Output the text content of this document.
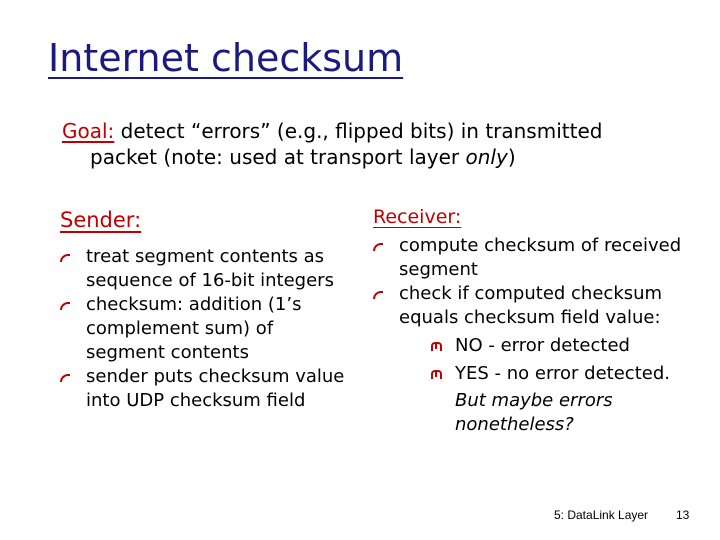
Internet checksum
Goal: detect “errors” (e.g., flipped bits) in transmitted
packet (note: used at transport layer only)
Sender:
treat segment contents as sequence of 16-bit integers
checksum: addition (1’s complement sum) of segment contents
sender puts checksum value into UDP checksum field
Receiver:
compute checksum of received segment
check if computed checksum equals checksum field value:
NO - error detected
YES - no error detected.
But maybe errors
nonetheless?
5: DataLink Layer 13
